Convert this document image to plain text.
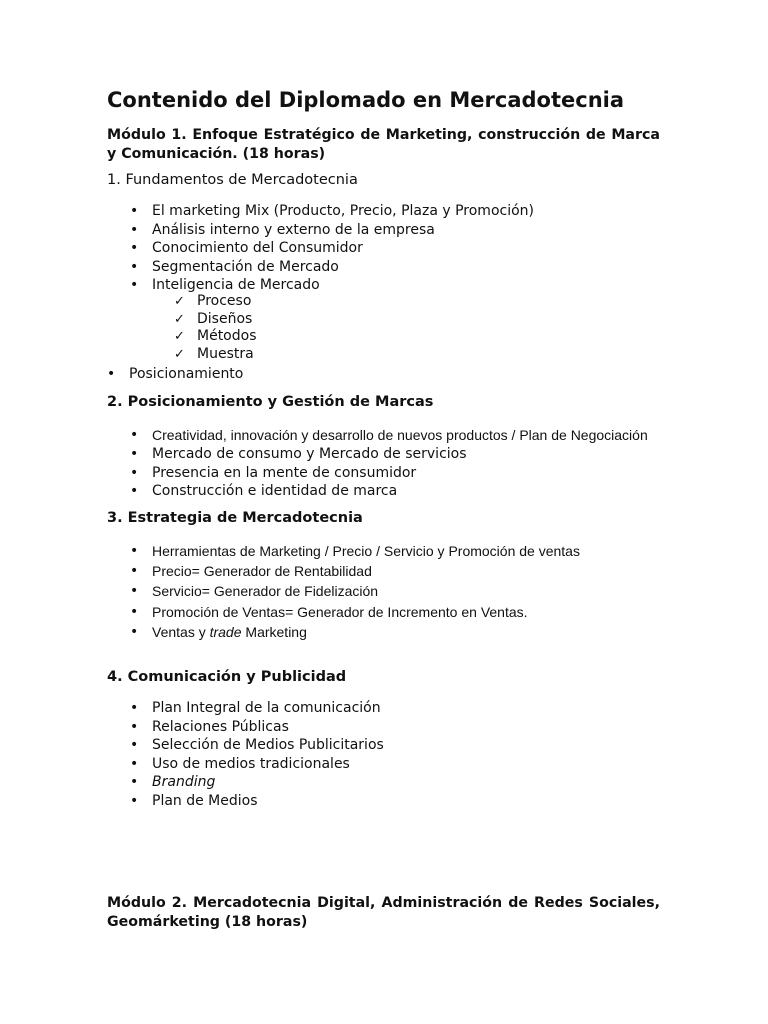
Contenido del Diplomado en Mercadotecnia
Módulo 1. Enfoque Estratégico de Marketing, construcción de Marca y Comunicación. (18 horas)
1. Fundamentos de Mercadotecnia
• El marketing Mix (Producto, Precio, Plaza y Promoción)
• Análisis interno y externo de la empresa
• Conocimiento del Consumidor
• Segmentación de Mercado
• Inteligencia de Mercado
✓ Proceso
✓ Diseños
✓ Métodos
✓ Muestra
• Posicionamiento
2. Posicionamiento y Gestión de Marcas
• Creatividad, innovación y desarrollo de nuevos productos / Plan de Negociación
• Mercado de consumo y Mercado de servicios
• Presencia en la mente de consumidor
• Construcción e identidad de marca
3. Estrategia de Mercadotecnia
• Herramientas de Marketing / Precio / Servicio y Promoción de ventas
• Precio= Generador de Rentabilidad
• Servicio= Generador de Fidelización
• Promoción de Ventas= Generador de Incremento en Ventas.
• Ventas y trade Marketing
4. Comunicación y Publicidad
• Plan Integral de la comunicación
• Relaciones Públicas
• Selección de Medios Publicitarios
• Uso de medios tradicionales
• Branding
• Plan de Medios
Módulo 2. Mercadotecnia Digital, Administración de Redes Sociales, Geomárketing (18 horas)
